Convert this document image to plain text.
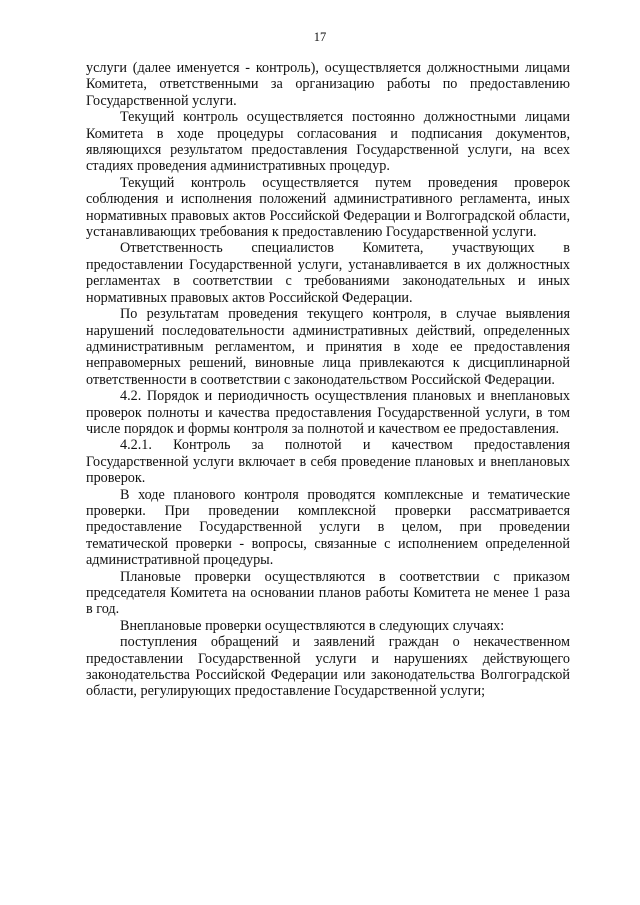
17

услуги (далее именуется - контроль), осуществляется должностными лицами Комитета, ответственными за организацию работы по предоставлению Государственной услуги.

Текущий контроль осуществляется постоянно должностными лицами Комитета в ходе процедуры согласования и подписания документов, являющихся результатом предоставления Государственной услуги, на всех стадиях проведения административных процедур.

Текущий контроль осуществляется путем проведения проверок соблюдения и исполнения положений административного регламента, иных нормативных правовых актов Российской Федерации и Волгоградской области, устанавливающих требования к предоставлению Государственной услуги.

Ответственность специалистов Комитета, участвующих в предоставлении Государственной услуги, устанавливается в их должностных регламентах в соответствии с требованиями законодательных и иных нормативных правовых актов Российской Федерации.

По результатам проведения текущего контроля, в случае выявления нарушений последовательности административных действий, определенных административным регламентом, и принятия в ходе ее предоставления неправомерных решений, виновные лица привлекаются к дисциплинарной ответственности в соответствии с законодательством Российской Федерации.

4.2. Порядок и периодичность осуществления плановых и внеплановых проверок полноты и качества предоставления Государственной услуги, в том числе порядок и формы контроля за полнотой и качеством ее предоставления.

4.2.1. Контроль за полнотой и качеством предоставления Государственной услуги включает в себя проведение плановых и внеплановых проверок.

В ходе планового контроля проводятся комплексные и тематические проверки. При проведении комплексной проверки рассматривается предоставление Государственной услуги в целом, при проведении тематической проверки - вопросы, связанные с исполнением определенной административной процедуры.

Плановые проверки осуществляются в соответствии с приказом председателя Комитета на основании планов работы Комитета не менее 1 раза в год.

Внеплановые проверки осуществляются в следующих случаях:

поступления обращений и заявлений граждан о некачественном предоставлении Государственной услуги и нарушениях действующего законодательства Российской Федерации или законодательства Волгоградской области, регулирующих предоставление Государственной услуги;
